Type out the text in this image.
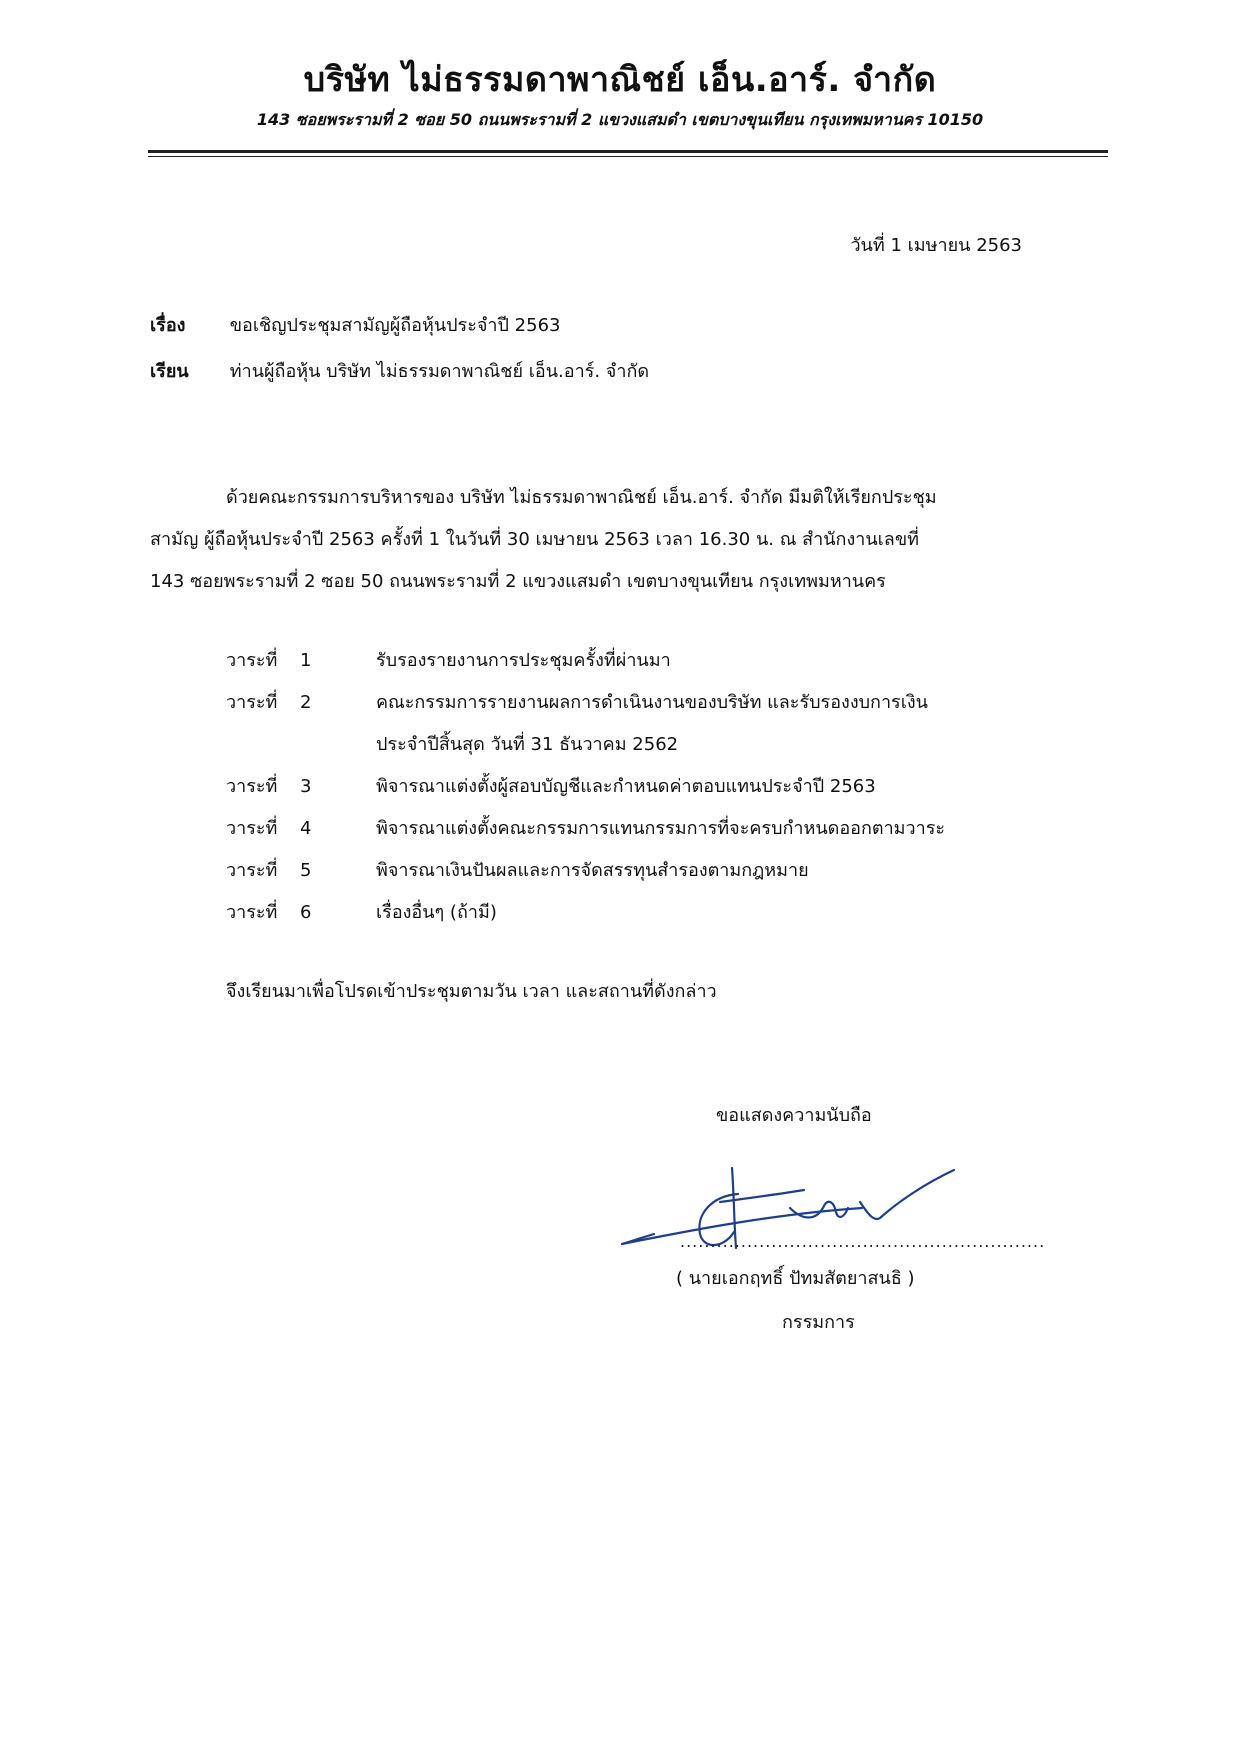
บริษัท ไม่ธรรมดาพาณิชย์ เอ็น.อาร์. จำกัด
143 ซอยพระรามที่ 2 ซอย 50 ถนนพระรามที่ 2 แขวงแสมดำ เขตบางขุนเทียน กรุงเทพมหานคร 10150
วันที่ 1 เมษายน 2563
เรื่อง ขอเชิญประชุมสามัญผู้ถือหุ้นประจำปี 2563
เรียน ท่านผู้ถือหุ้น บริษัท ไม่ธรรมดาพาณิชย์ เอ็น.อาร์. จำกัด
ด้วยคณะกรรมการบริหารของ บริษัท ไม่ธรรมดาพาณิชย์ เอ็น.อาร์. จำกัด มีมติให้เรียกประชุม
สามัญ ผู้ถือหุ้นประจำปี 2563 ครั้งที่ 1 ในวันที่ 30 เมษายน 2563 เวลา 16.30 น. ณ สำนักงานเลขที่
143 ซอยพระรามที่ 2 ซอย 50 ถนนพระรามที่ 2 แขวงแสมดำ เขตบางขุนเทียน กรุงเทพมหานคร
วาระที่	1	รับรองรายงานการประชุมครั้งที่ผ่านมา
วาระที่	2	คณะกรรมการรายงานผลการดำเนินงานของบริษัท และรับรองงบการเงิน
ประจำปีสิ้นสุด วันที่ 31 ธันวาคม 2562
วาระที่	3	พิจารณาแต่งตั้งผู้สอบบัญชีและกำหนดค่าตอบแทนประจำปี 2563
วาระที่	4	พิจารณาแต่งตั้งคณะกรรมการแทนกรรมการที่จะครบกำหนดออกตามวาระ
วาระที่	5	พิจารณาเงินปันผลและการจัดสรรทุนสำรองตามกฎหมาย
วาระที่	6	เรื่องอื่นๆ (ถ้ามี)
จึงเรียนมาเพื่อโปรดเข้าประชุมตามวัน เวลา และสถานที่ดังกล่าว
ขอแสดงความนับถือ
............................................................
( นายเอกฤทธิ์ ปัทมสัตยาสนธิ )
กรรมการ
